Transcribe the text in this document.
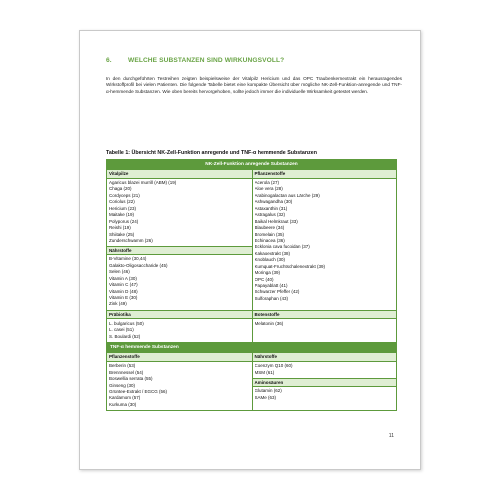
6. WELCHE SUBSTANZEN SIND WIRKUNGSVOLL?

In den durchgeführten Testreihen zeigten beispielsweise der Vitalpilz Hericium und das OPC Traubenkernextrakt ein herausragendes Wirkstoffprofil bei vielen Patienten. Die folgende Tabelle bietet eine kompakte Übersicht über mögliche NK-Zell-Funktion-anregende und TNF-α-hemmende Substanzen. Wie oben bereits hervorgehoben, sollte jedoch immer die individuelle Wirksamkeit getestet werden.

Tabelle 1: Übersicht NK-Zell-Funktion anregende und TNF-α hemmende Substanzen
NK-Zell-Funktion anregende Substanzen
Vitalpilze
Agaricus blazei murrill (ABM) (19)
Chaga (20)
Cordyceps (21)
Coriolus (22)
Hericium (23)
Maitake (19)
Polyporus (24)
Reishi (19)
Shiitake (25)
Zunderschwamm (26)
Nährstoffe
B-Vitamine (30,44)
Galakto-Oligosaccharide (45)
Selen (46)
Vitamin A (30)
Vitamin C (47)
Vitamin D (48)
Vitamin E (30)
Zink (49)
Pflanzenstoffe
Acerola (27)
Aloe vera (28)
Arabinogalactan aus Lärche (29)
Ashwagandha (30)
Astaxanthin (31)
Astragalus (32)
Baikal Helmkraut (33)
Blaubeere (34)
Bromelain (35)
Echinacea (36)
Ecklonia cava fucoidan (37)
Kakaoextrakt (38)
Knoblauch (30)
Kumquat-Fruchtschalenextrakt (39)
Moringa (39)
OPC (40)
Papayablatt (41)
Schwarzer Pfeffer (42)
Sulforaphan (43)
Präbiotika
L. bulgaricus (50)
L. casei (51)
S. Boulardi (52)
Botenstoffe
Melatonin (36)
TNF-α hemmende Substanzen
Pflanzenstoffe
Berberin (53)
Brennnessel (54)
Boswellia serrata (55)
Ginseng (30)
Grüntee-Extrakt / EGCG (56)
Kardamom (57)
Kurkuma (30)
Nährstoffe
Coenzym Q10 (60)
MSM (61)
Aminosäuren
Glutamin (62)
SAMe (63)
11
